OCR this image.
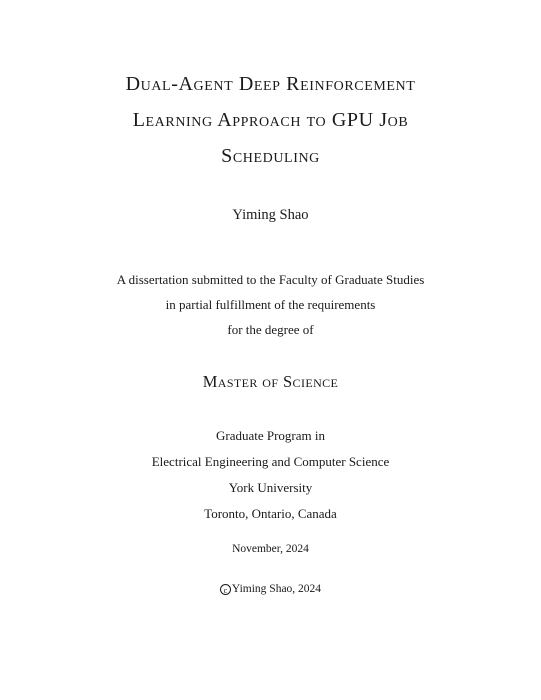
Dual-Agent Deep Reinforcement
Learning Approach to GPU Job
Scheduling
Yiming Shao
A dissertation submitted to the Faculty of Graduate Studies
in partial fulfillment of the requirements
for the degree of
Master of Science
Graduate Program in
Electrical Engineering and Computer Science
York University
Toronto, Ontario, Canada
November, 2024
c Yiming Shao, 2024
